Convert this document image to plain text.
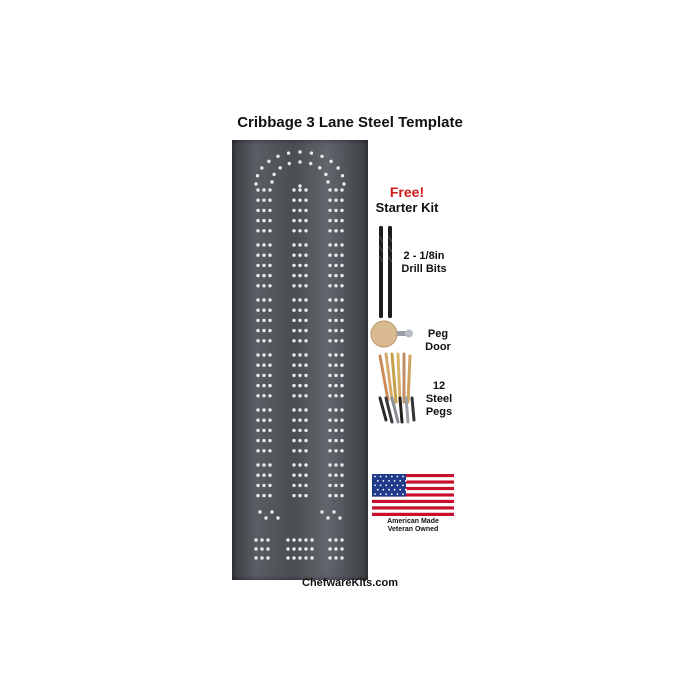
Cribbage 3 Lane Steel Template
Free!
Starter Kit
2 - 1/8in
Drill Bits
Peg
Door
12
Steel
Pegs
American Made
Veteran Owned
ChefwareKits.com
